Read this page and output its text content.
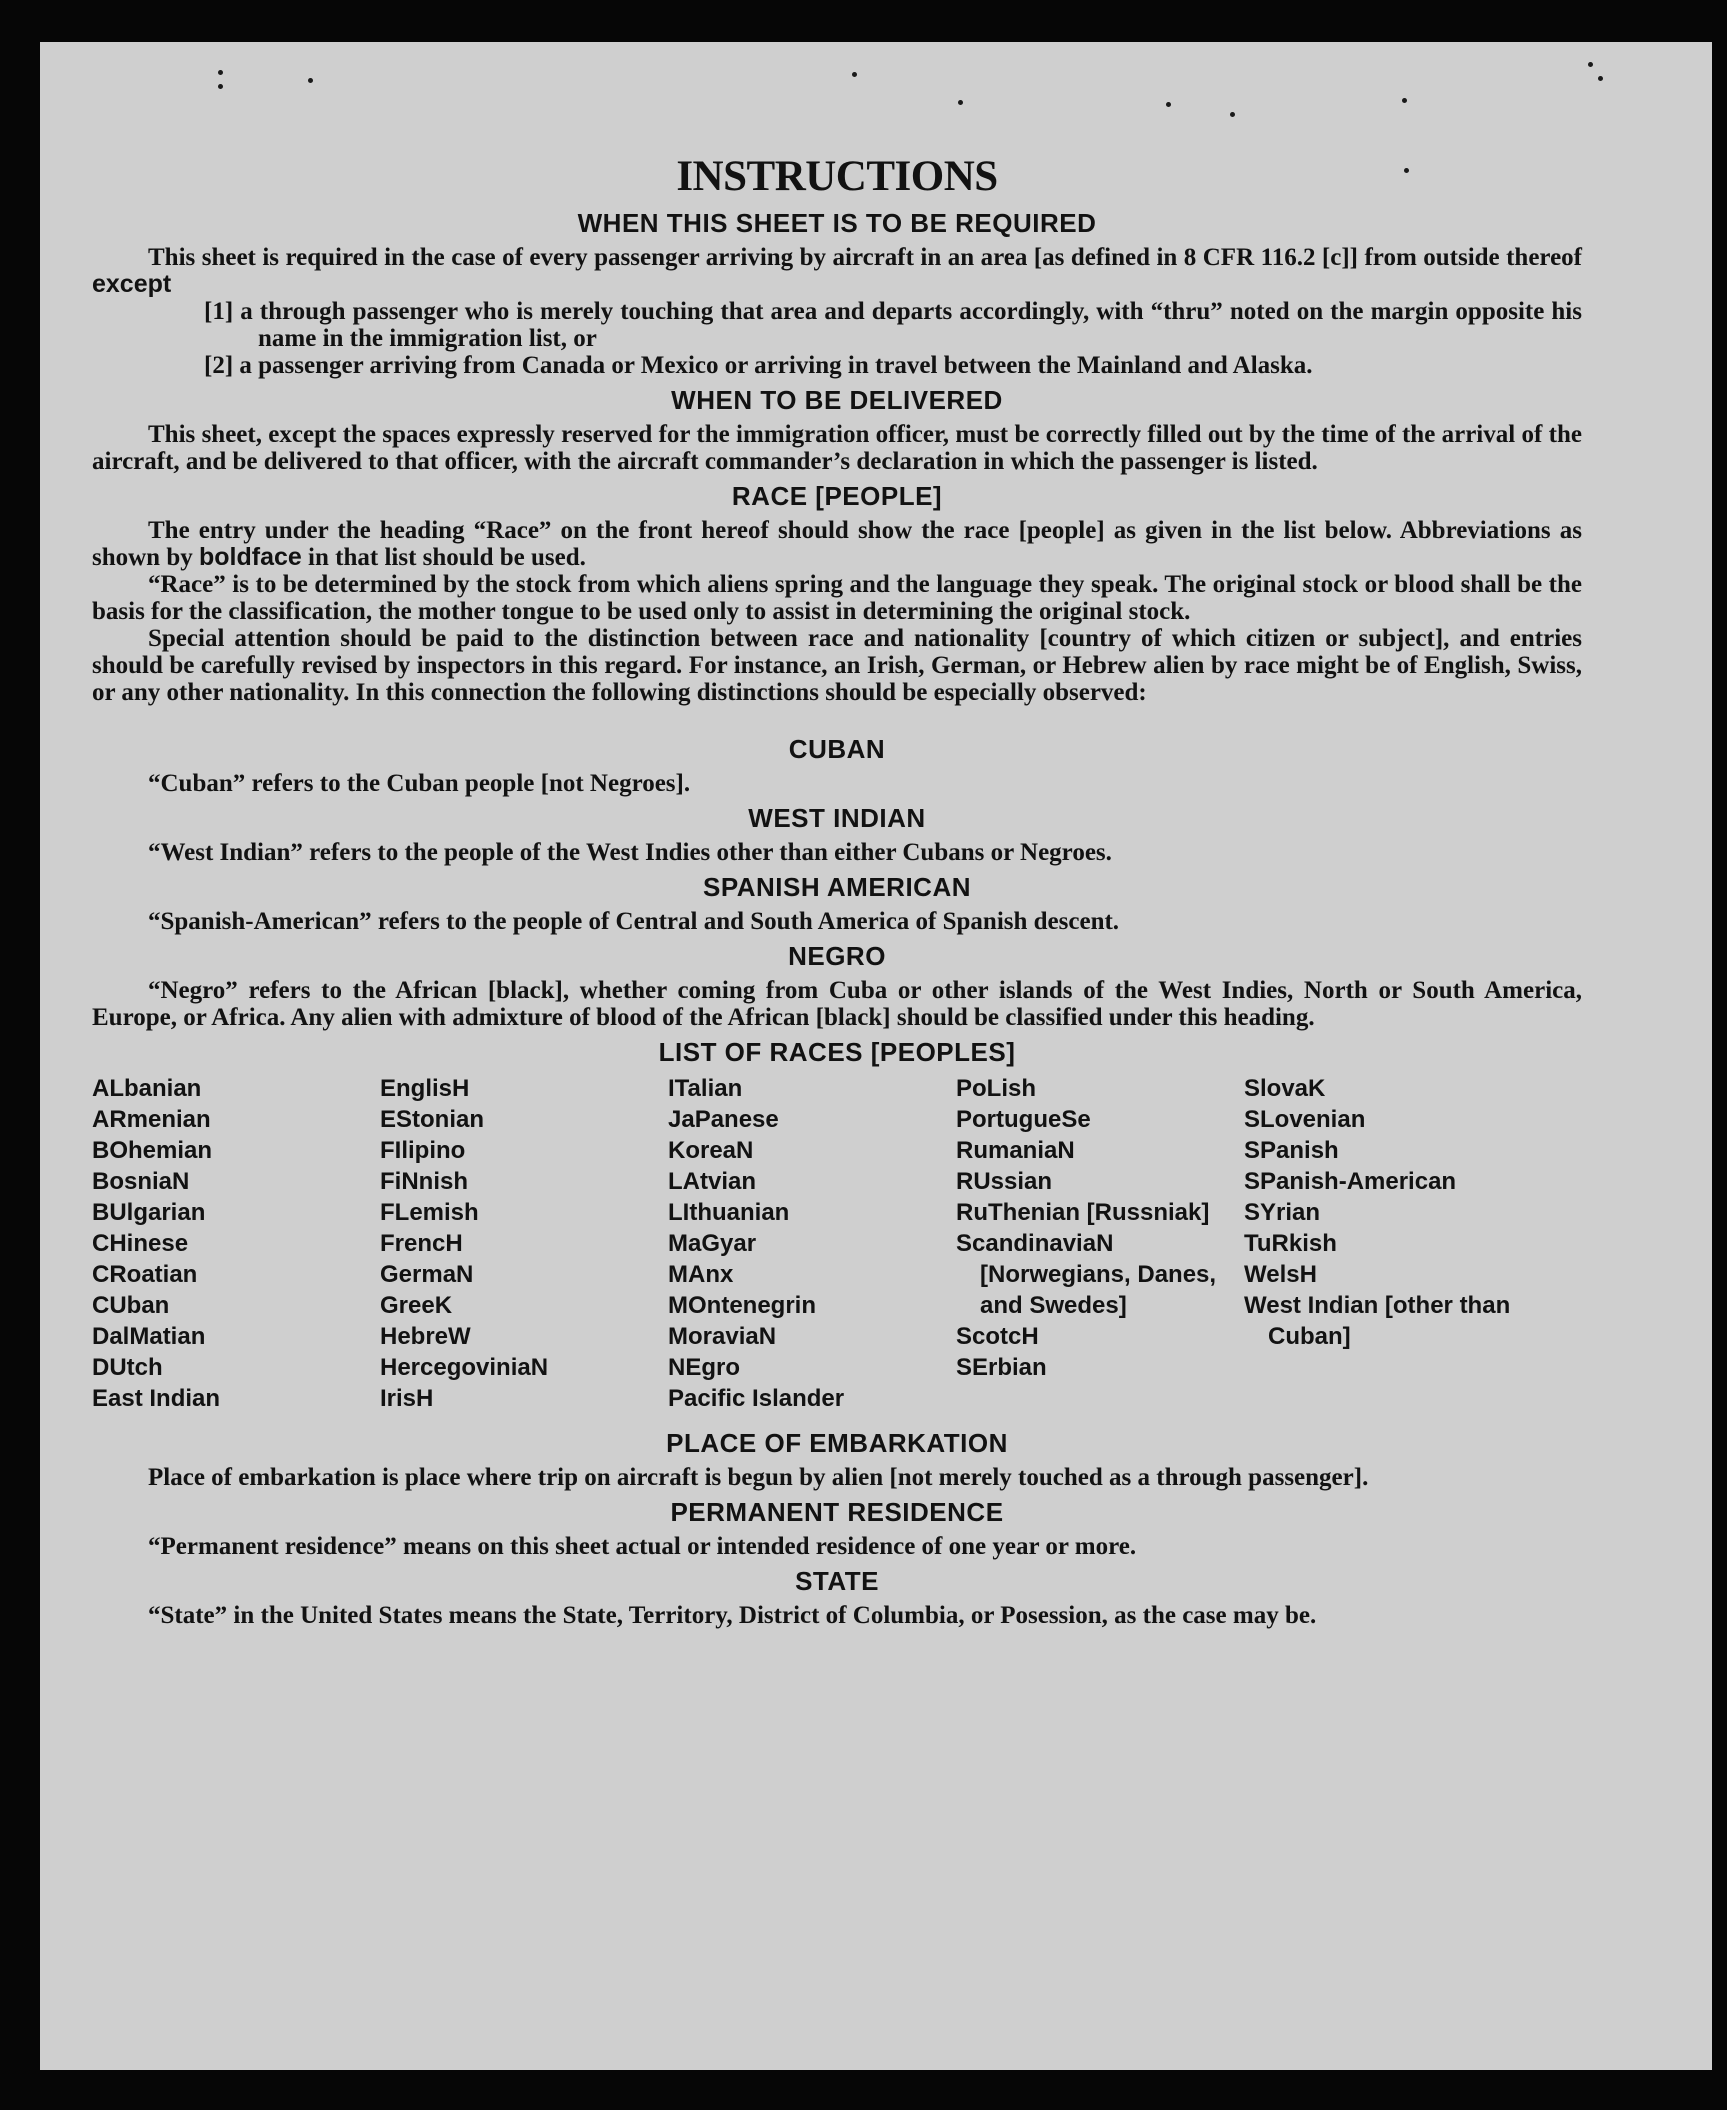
INSTRUCTIONS
WHEN THIS SHEET IS TO BE REQUIRED

This sheet is required in the case of every passenger arriving by aircraft in an area [as defined in 8 CFR 116.2 [c]] from outside thereof except

[1] a through passenger who is merely touching that area and departs accordingly, with “thru” noted on the margin opposite his name in the immigration list, or
[2] a passenger arriving from Canada or Mexico or arriving in travel between the Mainland and Alaska.
WHEN TO BE DELIVERED

This sheet, except the spaces expressly reserved for the immigration officer, must be correctly filled out by the time of the arrival of the aircraft, and be delivered to that officer, with the aircraft commander’s declaration in which the passenger is listed.

RACE [PEOPLE]

The entry under the heading “Race” on the front hereof should show the race [people] as given in the list below. Abbreviations as shown by boldface in that list should be used.

“Race” is to be determined by the stock from which aliens spring and the language they speak. The original stock or blood shall be the basis for the classification, the mother tongue to be used only to assist in determining the original stock.

Special attention should be paid to the distinction between race and nationality [country of which citizen or subject], and entries should be carefully revised by inspectors in this regard. For instance, an Irish, German, or Hebrew alien by race might be of English, Swiss, or any other nationality. In this connection the following distinctions should be especially observed:

CUBAN

“Cuban” refers to the Cuban people [not Negroes].

WEST INDIAN

“West Indian” refers to the people of the West Indies other than either Cubans or Negroes.

SPANISH AMERICAN

“Spanish-American” refers to the people of Central and South America of Spanish descent.

NEGRO

“Negro” refers to the African [black], whether coming from Cuba or other islands of the West Indies, North or South America, Europe, or Africa. Any alien with admixture of blood of the African [black] should be classified under this heading.

LIST OF RACES [PEOPLES]
ALbanian
ARmenian
BOhemian
BosniaN
BUlgarian
CHinese
CRoatian
CUban
DalMatian
DUtch
East Indian
EnglisH
EStonian
FIlipino
FiNnish
FLemish
FrencH
GermaN
GreeK
HebreW
HercegovinіaN
IrisH
ITalian
JaPanese
KoreaN
LAtvian
LIthuanian
MaGyar
MAnx
MOntenegrin
MoraviaN
NEgro
Pacific Islander
PoLish
PortugueSe
RumaniaN
RUssian
RuThenian [Russniak]
ScandinaviaN [Norwegians, Danes, and Swedes]
ScotcH
SErbian
SlovaK
SLovenian
SPanish
SPanish-American
SYrian
TuRkish
WelsH
West Indian [other than Cuban]
PLACE OF EMBARKATION

Place of embarkation is place where trip on aircraft is begun by alien [not merely touched as a through passenger].

PERMANENT RESIDENCE

“Permanent residence” means on this sheet actual or intended residence of one year or more.

STATE

“State” in the United States means the State, Territory, District of Columbia, or Posession, as the case may be.
